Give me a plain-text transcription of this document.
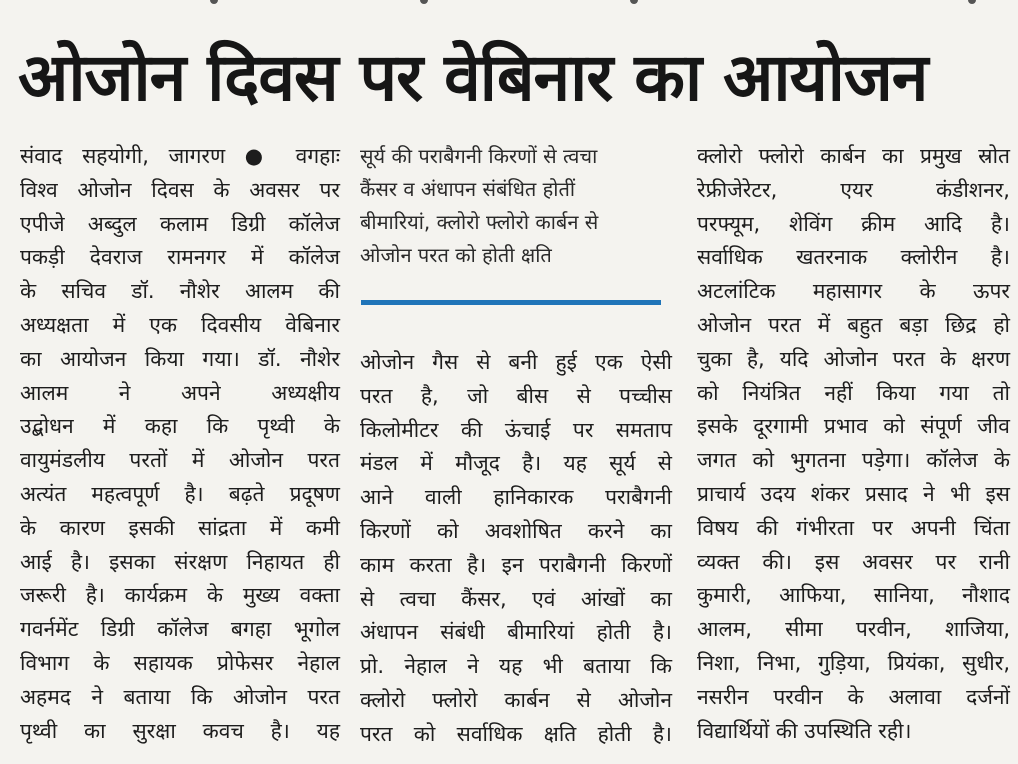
ओजोन दिवस पर वेबिनार का आयोजन
संवाद सहयोगी, जागरण ● वगहाः
विश्व ओजोन दिवस के अवसर पर
एपीजे अब्दुल कलाम डिग्री कॉलेज
पकड़ी देवराज रामनगर में कॉलेज
के सचिव डॉ. नौशेर आलम की
अध्यक्षता में एक दिवसीय वेबिनार
का आयोजन किया गया। डॉ. नौशेर
आलम ने अपने अध्यक्षीय
उद्बोधन में कहा कि पृथ्वी के
वायुमंडलीय परतों में ओजोन परत
अत्यंत महत्वपूर्ण है। बढ़ते प्रदूषण
के कारण इसकी सांद्रता में कमी
आई है। इसका संरक्षण निहायत ही
जरूरी है। कार्यक्रम के मुख्य वक्ता
गवर्नमेंट डिग्री कॉलेज बगहा भूगोल
विभाग के सहायक प्रोफेसर नेहाल
अहमद ने बताया कि ओजोन परत
पृथ्वी का सुरक्षा कवच है। यह
सूर्य की पराबैगनी किरणों से त्वचा
कैंसर व अंधापन संबंधित होतीं
बीमारियां, क्लोरो फ्लोरो कार्बन से
ओजोन परत को होती क्षति
ओजोन गैस से बनी हुई एक ऐसी
परत है, जो बीस से पच्चीस
किलोमीटर की ऊंचाई पर समताप
मंडल में मौजूद है। यह सूर्य से
आने वाली हानिकारक पराबैगनी
किरणों को अवशोषित करने का
काम करता है। इन पराबैगनी किरणों
से त्वचा कैंसर, एवं आंखों का
अंधापन संबंधी बीमारियां होती है।
प्रो. नेहाल ने यह भी बताया कि
क्लोरो फ्लोरो कार्बन से ओजोन
परत को सर्वाधिक क्षति होती है।
क्लोरो फ्लोरो कार्बन का प्रमुख स्रोत
रेफ्रीजेरेटर, एयर कंडीशनर,
परफ्यूम, शेविंग क्रीम आदि है।
सर्वाधिक खतरनाक क्लोरीन है।
अटलांटिक महासागर के ऊपर
ओजोन परत में बहुत बड़ा छिद्र हो
चुका है, यदि ओजोन परत के क्षरण
को नियंत्रित नहीं किया गया तो
इसके दूरगामी प्रभाव को संपूर्ण जीव
जगत को भुगतना पड़ेगा। कॉलेज के
प्राचार्य उदय शंकर प्रसाद ने भी इस
विषय की गंभीरता पर अपनी चिंता
व्यक्त की। इस अवसर पर रानी
कुमारी, आफिया, सानिया, नौशाद
आलम, सीमा परवीन, शाजिया,
निशा, निभा, गुड़िया, प्रियंका, सुधीर,
नसरीन परवीन के अलावा दर्जनों
विद्यार्थियों की उपस्थिति रही।
